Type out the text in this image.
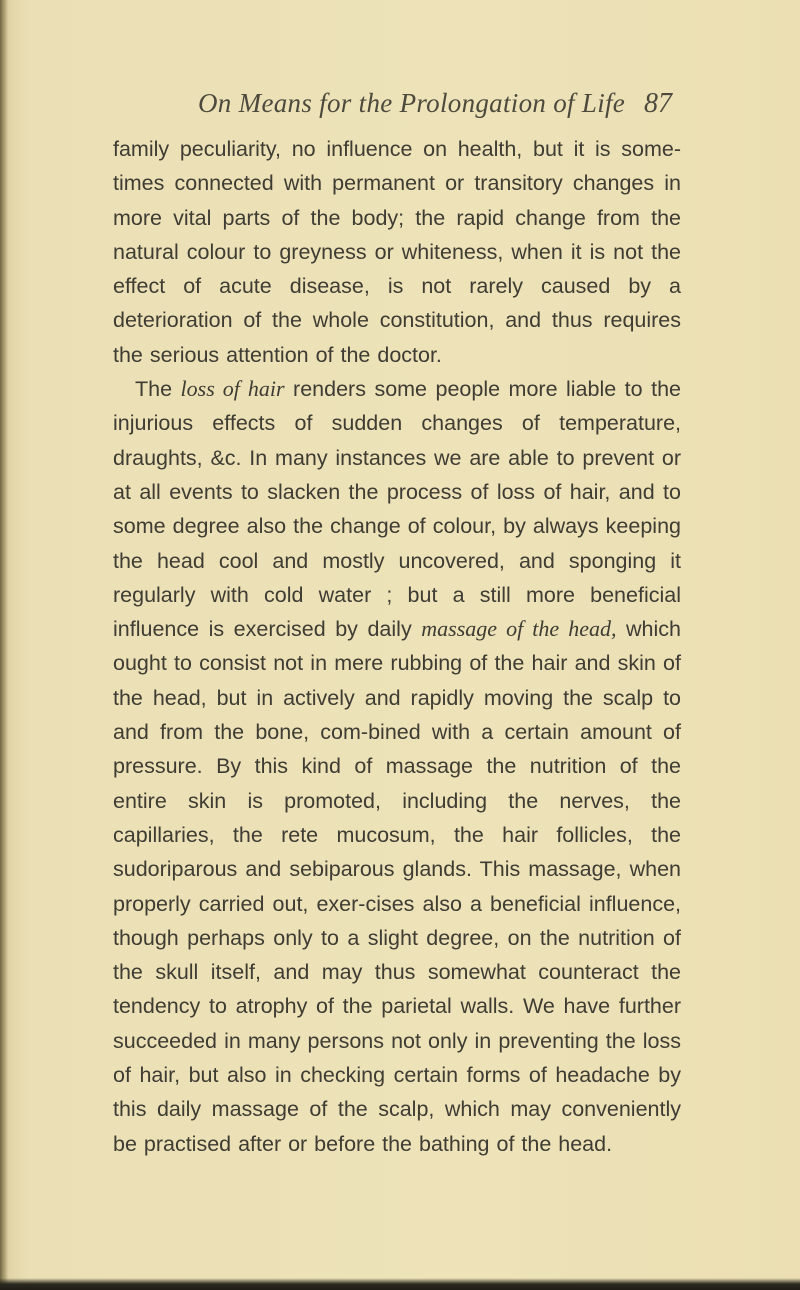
On Means for the Prolongation of Life 87

family peculiarity, no influence on health, but it is some-times connected with permanent or transitory changes in more vital parts of the body; the rapid change from the natural colour to greyness or whiteness, when it is not the effect of acute disease, is not rarely caused by a deterioration of the whole constitution, and thus requires the serious attention of the doctor.

The loss of hair renders some people more liable to the injurious effects of sudden changes of temperature, draughts, &c. In many instances we are able to prevent or at all events to slacken the process of loss of hair, and to some degree also the change of colour, by always keeping the head cool and mostly uncovered, and sponging it regularly with cold water ; but a still more beneficial influence is exercised by daily massage of the head, which ought to consist not in mere rubbing of the hair and skin of the head, but in actively and rapidly moving the scalp to and from the bone, com-bined with a certain amount of pressure. By this kind of massage the nutrition of the entire skin is promoted, including the nerves, the capillaries, the rete mucosum, the hair follicles, the sudoriparous and sebiparous glands. This massage, when properly carried out, exer-cises also a beneficial influence, though perhaps only to a slight degree, on the nutrition of the skull itself, and may thus somewhat counteract the tendency to atrophy of the parietal walls. We have further succeeded in many persons not only in preventing the loss of hair, but also in checking certain forms of headache by this daily massage of the scalp, which may conveniently be practised after or before the bathing of the head.
